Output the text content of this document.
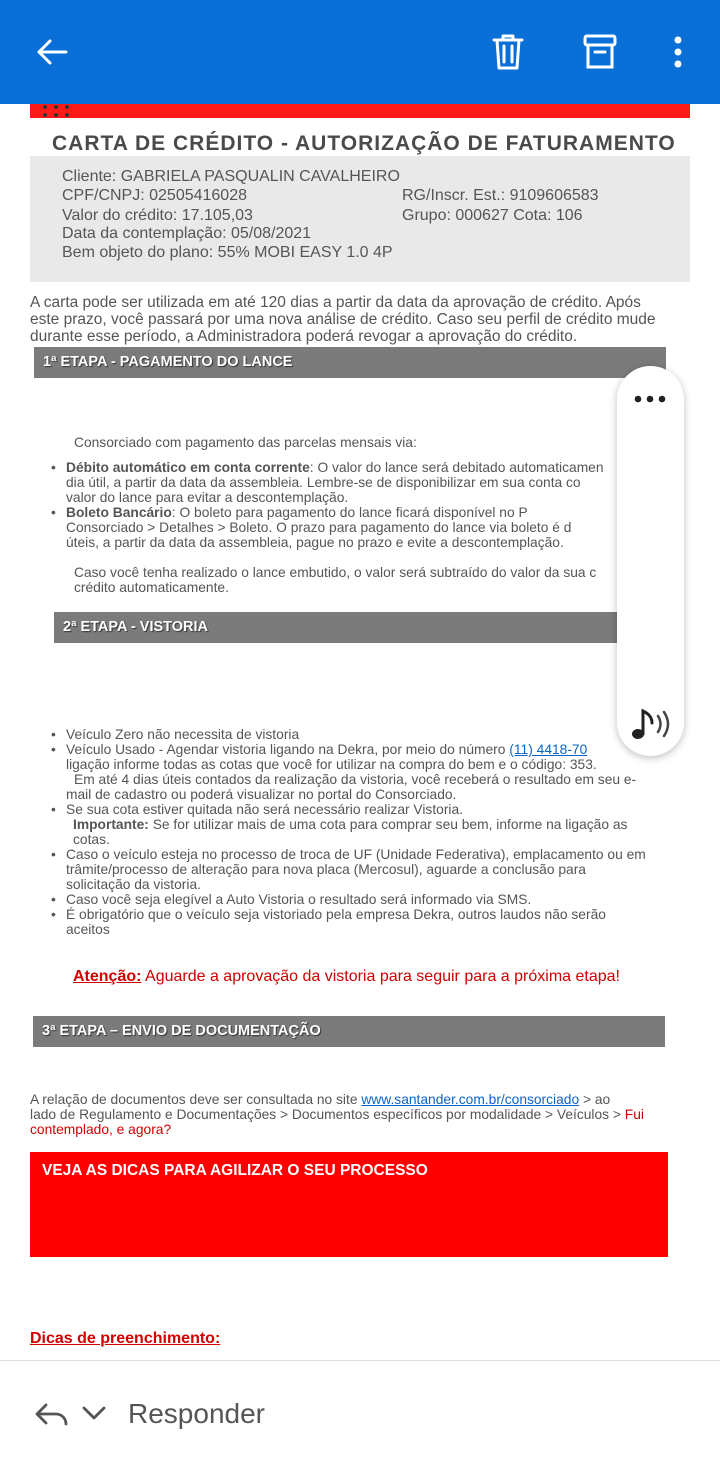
CARTA DE CRÉDITO - AUTORIZAÇÃO DE FATURAMENTO
Cliente: GABRIELA PASQUALIN CAVALHEIRO
CPF/CNPJ: 02505416028	RG/Inscr. Est.: 9109606583
Valor do crédito: 17.105,03	Grupo: 000627 Cota: 106
Data da contemplação: 05/08/2021
Bem objeto do plano: 55% MOBI EASY 1.0 4P
A carta pode ser utilizada em até 120 dias a partir da data da aprovação de crédito. Após
este prazo, você passará por uma nova análise de crédito. Caso seu perfil de crédito mude
durante esse período, a Administradora poderá revogar a aprovação do crédito.
1ª ETAPA - PAGAMENTO DO LANCE
Consorciado com pagamento das parcelas mensais via:
• Débito automático em conta corrente: O valor do lance será debitado automaticamen
dia útil, a partir da data da assembleia. Lembre-se de disponibilizar em sua conta co
valor do lance para evitar a descontemplação.
• Boleto Bancário: O boleto para pagamento do lance ficará disponível no P
Consorciado > Detalhes > Boleto. O prazo para pagamento do lance via boleto é d
úteis, a partir da data da assembleia, pague no prazo e evite a descontemplação.
Caso você tenha realizado o lance embutido, o valor será subtraído do valor da sua c
crédito automaticamente.
2ª ETAPA - VISTORIA
• Veículo Zero não necessita de vistoria
• Veículo Usado - Agendar vistoria ligando na Dekra, por meio do número (11) 4418-70
ligação informe todas as cotas que você for utilizar na compra do bem e o código: 353.
Em até 4 dias úteis contados da realização da vistoria, você receberá o resultado em seu e-
mail de cadastro ou poderá visualizar no portal do Consorciado.
• Se sua cota estiver quitada não será necessário realizar Vistoria.
Importante: Se for utilizar mais de uma cota para comprar seu bem, informe na ligação as
cotas.
• Caso o veículo esteja no processo de troca de UF (Unidade Federativa), emplacamento ou em
trâmite/processo de alteração para nova placa (Mercosul), aguarde a conclusão para
solicitação da vistoria.
• Caso você seja elegível a Auto Vistoria o resultado será informado via SMS.
• É obrigatório que o veículo seja vistoriado pela empresa Dekra, outros laudos não serão
aceitos
Atenção: Aguarde a aprovação da vistoria para seguir para a próxima etapa!
3ª ETAPA – ENVIO DE DOCUMENTAÇÃO
A relação de documentos deve ser consultada no site www.santander.com.br/consorciado > ao
lado de Regulamento e Documentações > Documentos específicos por modalidade > Veículos > Fui
contemplado, e agora?
VEJA AS DICAS PARA AGILIZAR O SEU PROCESSO
Dicas de preenchimento:
Responder
